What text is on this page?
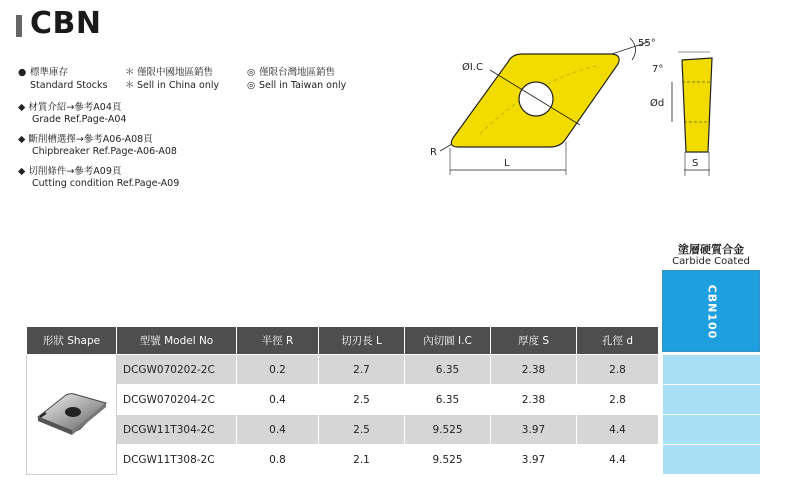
CBN
● 標準庫存
Standard Stocks
＊ 僅限中國地區銷售
＊ Sell in China only
◎ 僅限台灣地區銷售
◎ Sell in Taiwan only
◆ 材質介紹→參考A04頁
Grade Ref.Page-A04
◆ 斷削槽選擇→參考A06-A08頁
Chipbreaker Ref.Page-A06-A08
◆ 切削條件→參考A09頁
Cutting condition Ref.Page-A09
ØI.C
R
L
55°
7°
Ød
S
塗層硬質合金
Carbide Coated
CBN100
形狀 Shape	型號 Model No	半徑 R	切刃長 L	內切圓 I.C	厚度 S	孔徑 d		
	DCGW070202-2C	0.2	2.7	6.35	2.38	2.8		
	DCGW070204-2C	0.4	2.5	6.35	2.38	2.8		
	DCGW11T304-2C	0.4	2.5	9.525	3.97	4.4		
	DCGW11T308-2C	0.8	2.1	9.525	3.97	4.4		
